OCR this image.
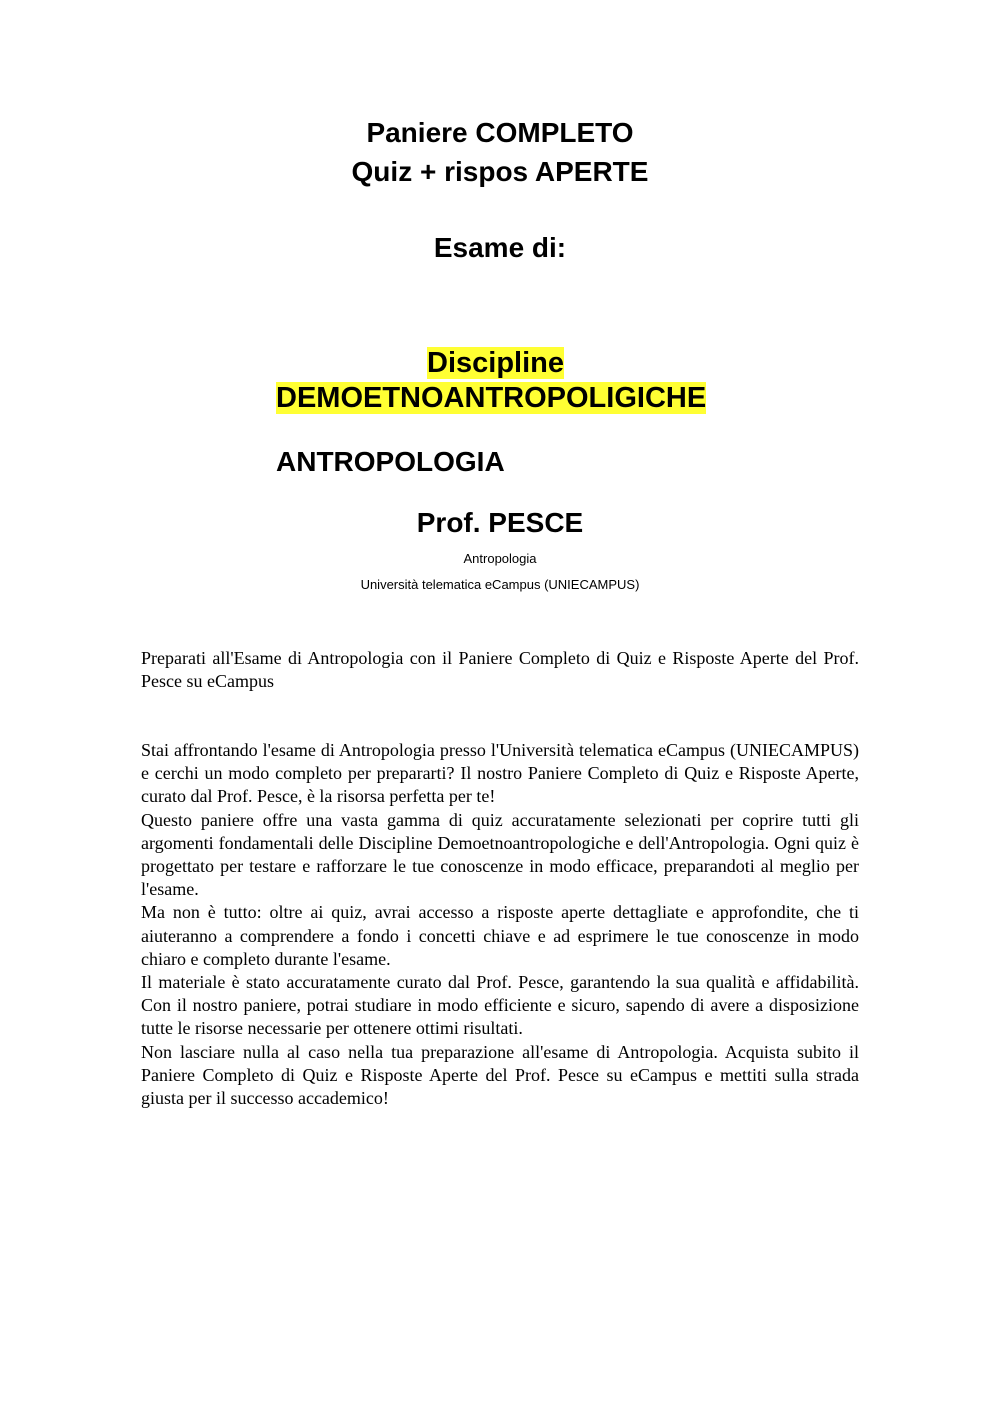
Paniere COMPLETO
Quiz + rispos APERTE
Esame di:
Discipline
DEMOETNOANTROPOLIGICHE
ANTROPOLOGIA
Prof. PESCE
Antropologia
Università telematica eCampus (UNIECAMPUS)

Preparati all'Esame di Antropologia con il Paniere Completo di Quiz e Risposte Aperte del Prof. Pesce su eCampus

Stai affrontando l'esame di Antropologia presso l'Università telematica eCampus (UNIECAMPUS) e cerchi un modo completo per prepararti? Il nostro Paniere Completo di Quiz e Risposte Aperte, curato dal Prof. Pesce, è la risorsa perfetta per te!

Questo paniere offre una vasta gamma di quiz accuratamente selezionati per coprire tutti gli argomenti fondamentali delle Discipline Demoetnoantropologiche e dell'Antropologia. Ogni quiz è progettato per testare e rafforzare le tue conoscenze in modo efficace, preparandoti al meglio per l'esame.

Ma non è tutto: oltre ai quiz, avrai accesso a risposte aperte dettagliate e approfondite, che ti aiuteranno a comprendere a fondo i concetti chiave e ad esprimere le tue conoscenze in modo chiaro e completo durante l'esame.

Il materiale è stato accuratamente curato dal Prof. Pesce, garantendo la sua qualità e affidabilità. Con il nostro paniere, potrai studiare in modo efficiente e sicuro, sapendo di avere a disposizione tutte le risorse necessarie per ottenere ottimi risultati.

Non lasciare nulla al caso nella tua preparazione all'esame di Antropologia. Acquista subito il Paniere Completo di Quiz e Risposte Aperte del Prof. Pesce su eCampus e mettiti sulla strada giusta per il successo accademico!
